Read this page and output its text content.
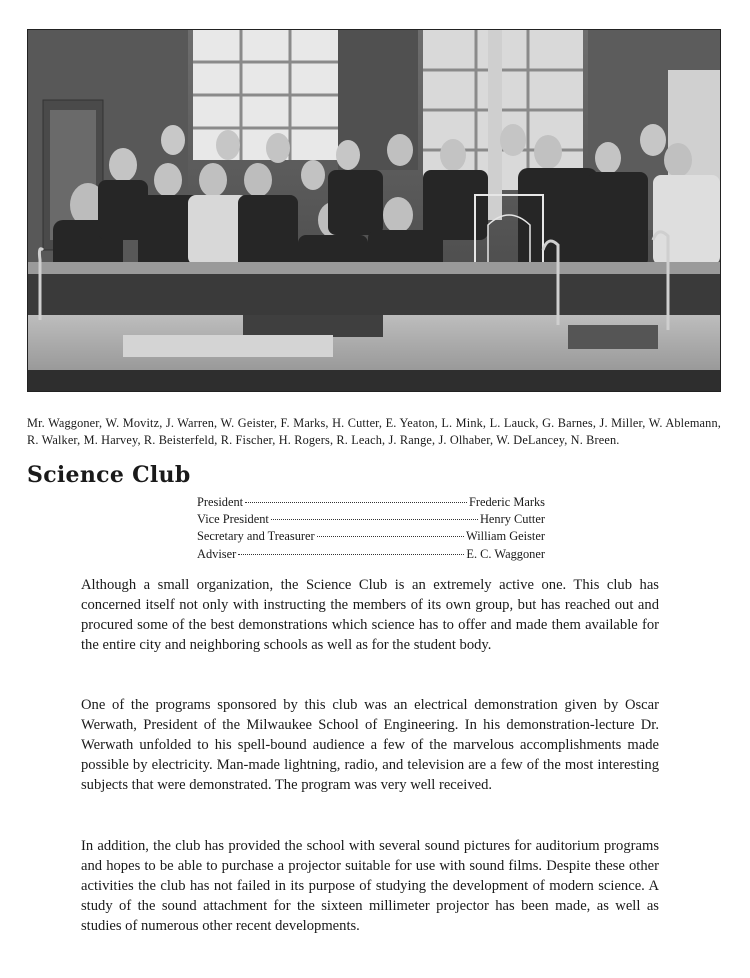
Mr. Waggoner, W. Movitz, J. Warren, W. Geister, F. Marks, H. Cutter, E. Yeaton, L. Mink, L. Lauck, G. Barnes, J. Miller, W. Ablemann, R. Walker, M. Harvey, R. Beisterfeld, R. Fischer, H. Rogers, R. Leach, J. Range, J. Olhaber, W. DeLancey, N. Breen.

Science Club
President	Frederic Marks
Vice President	Henry Cutter
Secretary and Treasurer	William Geister
Adviser	E. C. Waggoner

Although a small organization, the Science Club is an extremely active one. This club has concerned itself not only with instructing the members of its own group, but has reached out and procured some of the best demonstrations which science has to offer and made them available for the entire city and neighboring schools as well as for the student body.

One of the programs sponsored by this club was an electrical demonstration given by Oscar Werwath, President of the Milwaukee School of Engineering. In his demonstration-lecture Dr. Werwath unfolded to his spell-bound audience a few of the marvelous accomplishments made possible by electricity. Man-made lightning, radio, and television are a few of the most interesting subjects that were demonstrated. The program was very well received.

In addition, the club has provided the school with several sound pictures for auditorium programs and hopes to be able to purchase a projector suitable for use with sound films. Despite these other activities the club has not failed in its purpose of studying the development of modern science. A study of the sound attachment for the sixteen millimeter projector has been made, as well as studies of numerous other recent developments.
